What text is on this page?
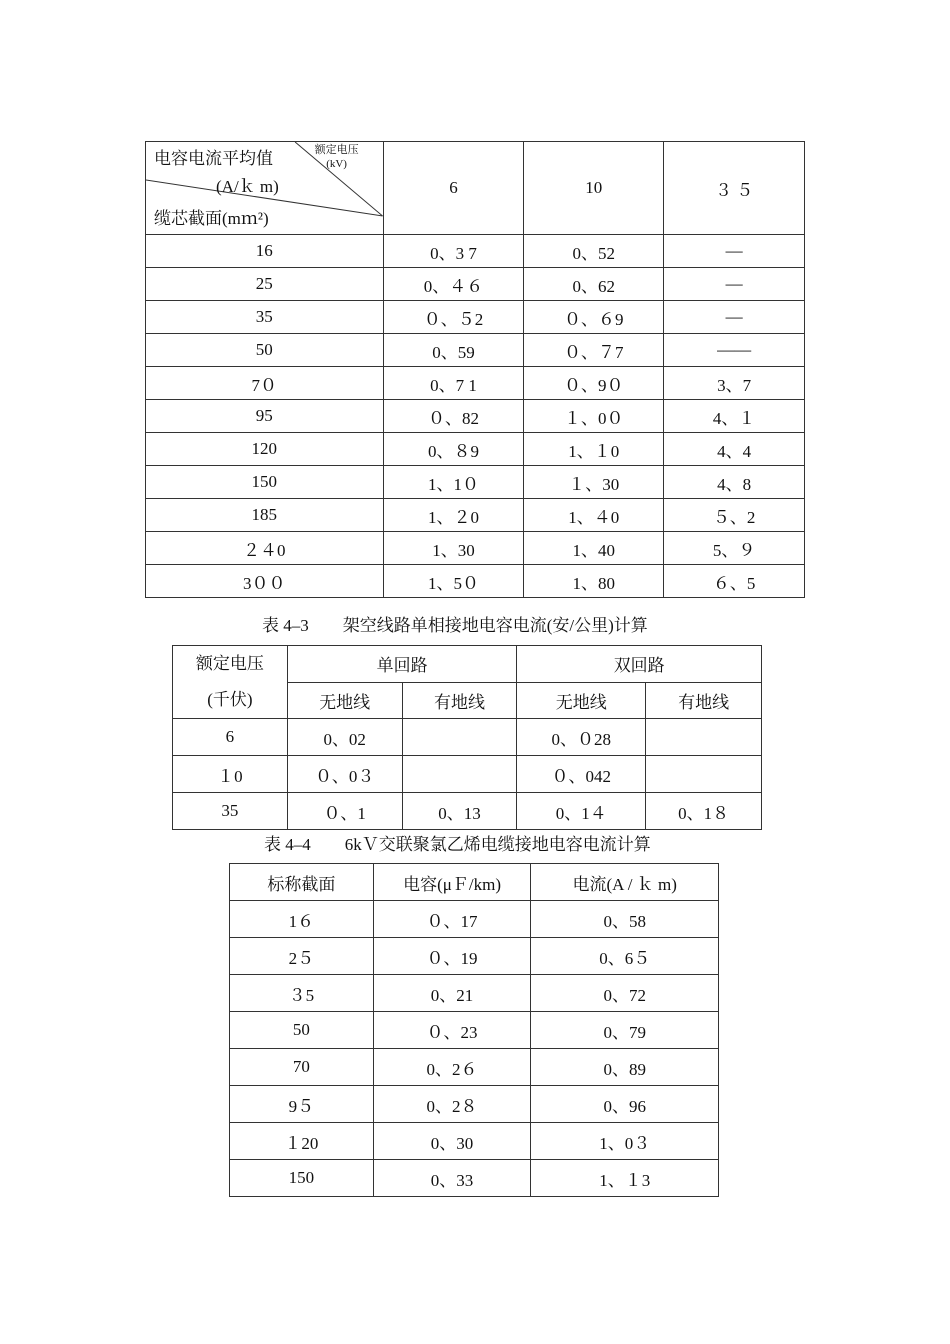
电容电流平均值 额定电压
(kV)
(A/ｋ m)
缆芯截面(mｍ²)	6	10	３ ５
16	0、3 7	0、52	—
25	0、４６	0、62	—
35	０、５2	０、６9	—
50	0、59	０、７7	——
7０	0、7 1	０、9０	3、7
95	０、82	１、0０	4、１
120	0、８9	1、１0	4、4
150	1、1０	１、30	4、8
185	1、２0	1、４0	５、2
２４0	1、30	1、40	5、９
3００	1、5０	1、80	６、5
表 4–3 架空线路单相接地电容电流(安/公里)计算
额定电压
(千伏)	单回路		双回路	
	无地线	有地线	无地线	有地线
6	0、02		0、０28	
１0	０、0３		０、042	
35	０、1	0、13	0、1４	0、1８
表 4–4 6kＶ交联聚氯乙烯电缆接地电容电流计算
标称截面	电容(μＦ/km)	电流(A / ｋ m)
1６	０、17	0、58
2５	０、19	0、6５
３5	0、21	0、72
50	０、23	0、79
70	0、2６	0、89
9５	0、2８	0、96
１20	0、30	1、0３
150	0、33	1、１3
